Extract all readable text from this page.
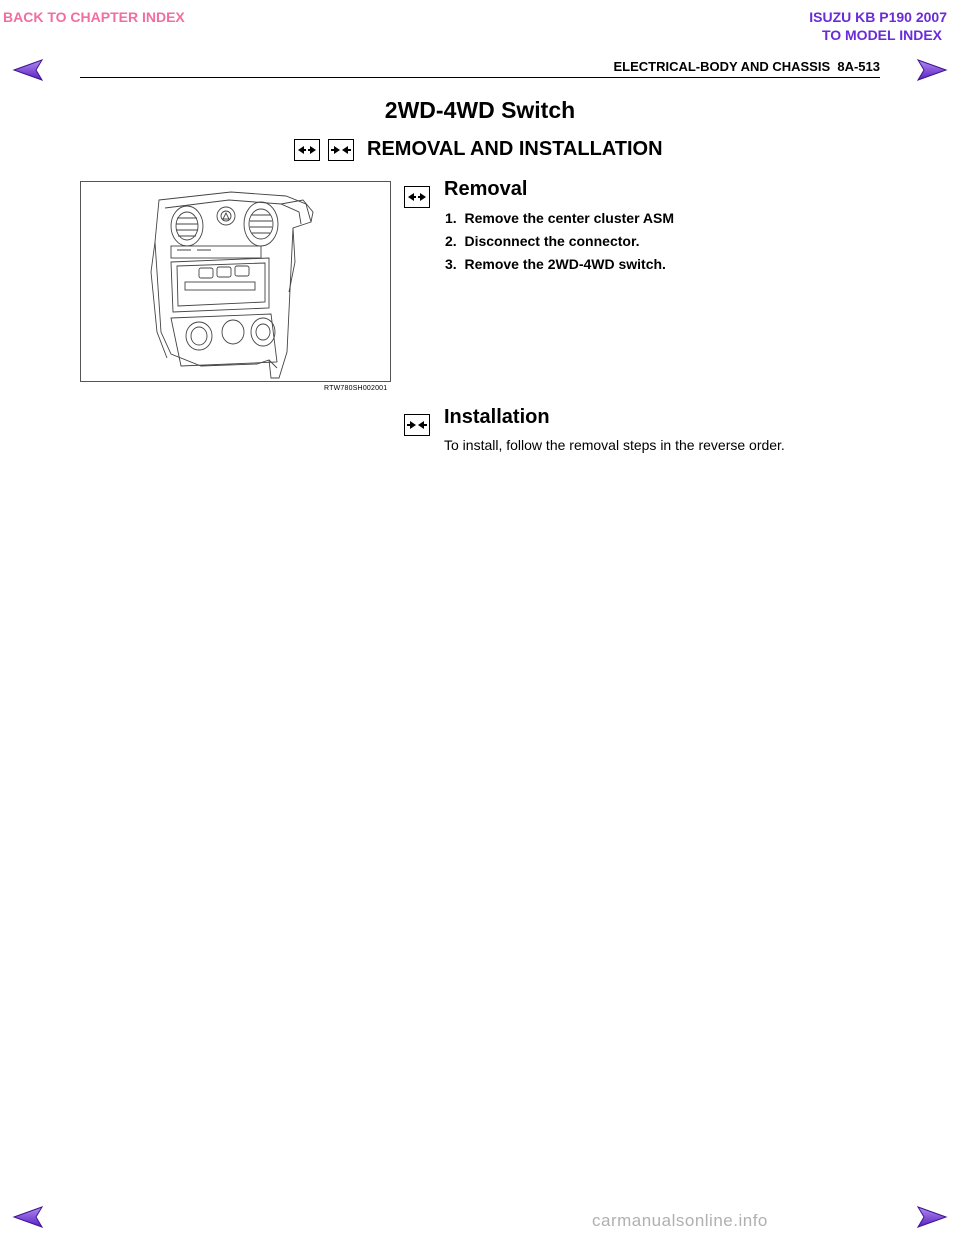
BACK TO CHAPTER INDEX	ISUZU KB P190 2007
TO MODEL INDEX
ELECTRICAL-BODY AND CHASSIS  8A-513
2WD-4WD Switch
REMOVAL AND INSTALLATION
RTW780SH002001
Removal
1. Remove the center cluster ASM
2. Disconnect the connector.
3. Remove the 2WD-4WD switch.
Installation
To install, follow the removal steps in the reverse order.
carmanualsonline.info
